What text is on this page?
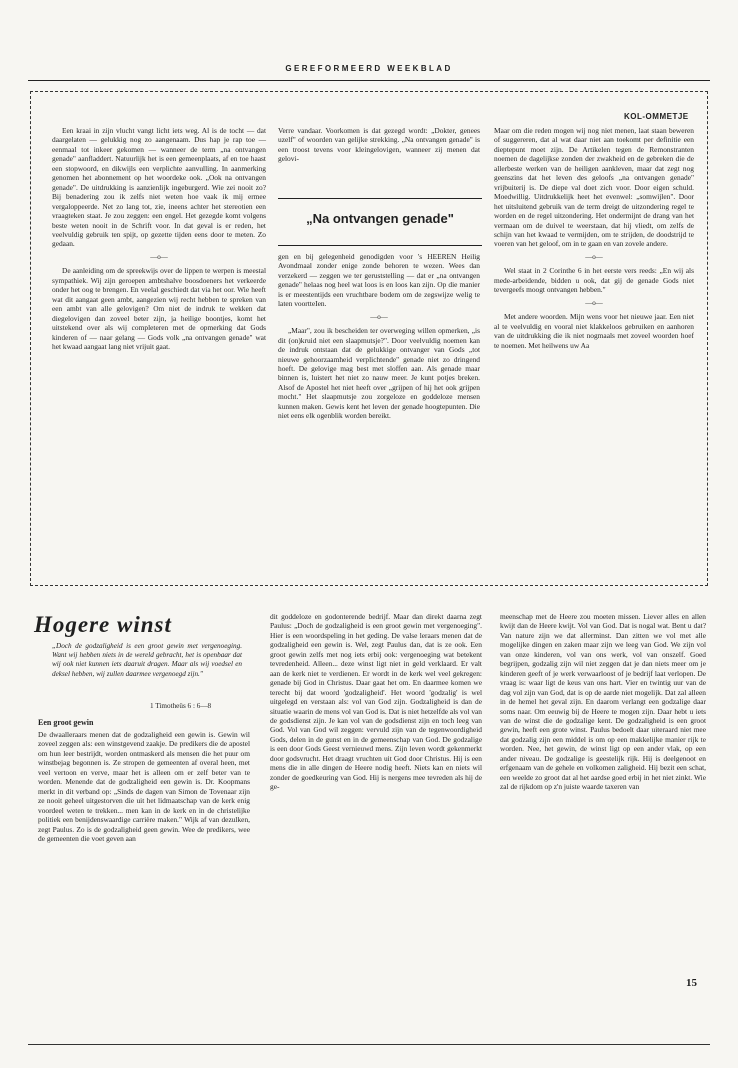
GEREFORMEERD WEEKBLAD
KOL-OMMETJE

Een kraai in zijn vlucht vangt licht iets weg. Al is de tocht — dat daargelaten — gelukkig nog zo aangenaam. Dus hap je rap toe — eenmaal tot inkeer gekomen — wanneer de term „na ontvangen genade" aanfladdert. Natuurlijk het is een gemeenplaats, af en toe haast een stopwoord, en dikwijls een verplichte aanvulling. In aanmerking genomen het abonnement op het woordeke ook. „Ook na ontvangen genade". De uitdrukking is aanzienlijk ingeburgerd. Wie zei nooit zo? Bij benadering zou ik zelfs niet weten hoe vaak ik mij ermee vergaloppeerde. Net zo lang tot, zie, ineens achter het stereotien een vraagteken staat. Je zou zeggen: een engel. Het gezegde komt volgens beste weten nooit in de Schrift voor. In dat geval is er reden, het veelvuldig gebruik ten spijt, op gezette tijden eens door te meten. Zo gedaan.

—o—

De aanleiding om de spreekwijs over de lippen te werpen is meestal sympathiek. Wij zijn geroepen ambtshalve boosdoeners het verkeerde onder het oog te brengen. En veelal geschiedt dat via het oor. Wie heeft wat dit aangaat geen ambt, aangezien wij recht hebben te spreken van een ambt van alle gelovigen? Om niet de indruk te wekken dat diegelovigen dan zoveel beter zijn, ja heilige boontjes, komt het uitstekend over als wij completeren met de opmerking dat Gods kinderen of — naar gelang — Gods volk „na ontvangen genade" wat het kwaad aangaat lang niet vrijuit gaat.

Verre vandaar. Voorkomen is dat gezegd wordt: „Dokter, genees uzelf" of woorden van gelijke strekking. „Na ontvangen genade" is een troost tevens voor kleingelovigen, wanneer zij menen dat gelovi-

„Na ontvangen genade"

gen en bij gelegenheid genodigden voor 's HEEREN Heilig Avondmaal zonder enige zonde behoren te wezen. Wees dan verzekerd — zeggen we ter geruststelling — dat er „na ontvangen genade" helaas nog heel wat loos is en loos kan zijn. Op die manier is er meestentijds een vruchtbare bodem om de zegswijze welig te laten voortteIen.

—o—

„Maar", zou ik bescheiden ter overweging willen opmerken, „is dit (on)kruid niet een slaapmutsje?". Door veelvuldig noemen kan de indruk ontstaan dat de gelukkige ontvanger van Gods „tot nieuwe gehoorzaamheid verplichtende" genade niet zo dringend hoeft. De gelovige mag best met sloffen aan. Als genade maar binnen is, luistert het niet zo nauw meer. Je kunt potjes breken. Alsof de Apostel het niet heeft over „grijpen of hij het ook grijpen mocht." Het slaapmutsje zou zorgeloze en goddeloze mensen kunnen maken. Gewis kent het leven der genade hoogtepunten. Die niet eens elk ogenblik worden bereikt.

Maar om die reden mogen wij nog niet menen, laat staan beweren of suggereren, dat al wat daar niet aan toekomt per definitie een dieptepunt moet zijn. De Artikelen tegen de Remonstranten noemen de dagelijkse zonden der zwakheid en de gebreken die de allerbeste werken van de heiligen aankleven, maar dat zegt nog geenszins dat het leven des geloofs „na ontvangen genade" vrijbuiterij is. De diepe val doet zich voor. Door eigen schuld. Moedwillig. Uitdrukkelijk heet het evenwel: „somwijlen". Door het uitsluitend gebruik van de term dreigt de uitzondering regel te worden en de regel uitzondering. Het ondermijnt de drang van het vermaan om de duivel te weerstaan, dat hij vliedt, om zelfs de schijn van het kwaad te vermijden, om te strijden, de doodstrijd te voeren van het geloof, om in te gaan en van zovele andere.

—o—

Wel staat in 2 Corinthe 6 in het eerste vers reeds: „En wij als mede-arbeidende, bidden u ook, dat gij de genade Gods niet tevergeefs moogt ontvangen hebben."

—o—

Met andere woorden. Mijn wens voor het nieuwe jaar. Een niet al te veelvuldig en vooral niet klakkeloos gebruiken en aanhoren van de uitdrukking die ik niet nogmaals met zoveel woorden hoef te noemen. Met heilwens uw Aa

Hogere winst
„Doch de godzaligheid is een groot gewin met vergenoeging. Want wij hebben niets in de wereld gebracht, het is openbaar dat wij ook niet kunnen iets daaruit dragen. Maar als wij voedsel en deksel hebben, wij zullen daarmee vergenoegd zijn."
1 Timotheüs 6 : 6—8
Een groot gewin

De dwaalleraars menen dat de godzaligheid een gewin is. Gewin wil zoveel zeggen als: een winstgevend zaakje. De predikers die de apostel om hun leer bestrijdt, worden ontmaskerd als mensen die het puur om winstbejag begonnen is. Ze stropen de gemeenten af overal heen, met veel vertoon en verve, maar het is alleen om er zelf beter van te worden. Menende dat de godzaligheid een gewin is. Dr. Koopmans merkt in dit verband op: „Sinds de dagen van Simon de Tovenaar zijn ze nooit geheel uitgestorven die uit het lidmaatschap van de kerk enig voordeel weten te trekken... men kan in de kerk en in de christelijke politiek een benijdenswaardige carrière maken." Wijk af van dezulken, zegt Paulus. Zo is de godzaligheid geen gewin. Wee de predikers, wee de gemeenten die voet geven aan

dit goddeloze en godonterende bedrijf. Maar dan direkt daarna zegt Paulus: „Doch de godzaligheid is een groot gewin met vergenoeging". Hier is een woordspeling in het geding. De valse leraars menen dat de godzaligheid een gewin is. Wel, zegt Paulus dan, dat is ze ook. Een groot gewin zelfs met nog iets erbij ook: vergenoeging wat betekent tevredenheid. Alleen... deze winst ligt niet in geld verklaard. Er valt aan de kerk niet te verdienen. Er wordt in de kerk wel veel gekregen: genade bij God in Christus. Daar gaat het om. En daarmee komen we terecht bij dat woord 'godzaligheid'. Het woord 'godzalig' is wel uitgelegd en verstaan als: vol van God zijn. Godzaligheid is dan de situatie waarin de mens vol van God is. Dat is niet hetzelfde als vol van de godsdienst zijn. Je kan vol van de godsdienst zijn en toch leeg van God. Vol van God wil zeggen: vervuld zijn van de tegenwoordigheid Gods, delen in de gunst en in de gemeenschap van God. De godzalige is een door Gods Geest vernieuwd mens. Zijn leven wordt gekenmerkt door godsvrucht. Het draagt vruchten uit God door Christus. Hij is een mens die in alle dingen de Heere nodig heeft. Niets kan en niets wil zonder de goedkeuring van God. Hij is nergens mee tevreden als hij de ge-

meenschap met de Heere zou moeten missen. Liever alles en allen kwijt dan de Heere kwijt. Vol van God. Dat is nogal wat. Bent u dat? Van nature zijn we dat allerminst. Dan zitten we vol met alle mogelijke dingen en zaken maar zijn we leeg van God. We zijn vol van onze kinderen, vol van ons werk, vol van onszelf. Goed begrijpen, godzalig zijn wil niet zeggen dat je dan niets meer om je kinderen geeft of je werk verwaarloost of je bedrijf laat verlopen. De vraag is: waar ligt de keus van ons hart. Vier en twintig uur van de dag vol zijn van God, dat is op de aarde niet mogelijk. Dat zal alleen in de hemel het geval zijn. En daarom verlangt een godzalige daar soms naar. Om eeuwig bij de Heere te mogen zijn. Daar hebt u iets van de winst die de godzalige kent. De godzaligheid is een groot gewin, heeft een grote winst. Paulus bedoelt daar uiteraard niet mee dat godzalig zijn een middel is om op een makkelijke manier rijk te worden. Nee, het gewin, de winst ligt op een ander vlak, op een ander niveau. De godzalige is geestelijk rijk. Hij is deelgenoot en erfgenaam van de gehele en volkomen zaligheid. Hij bezit een schat, een weelde zo groot dat al het aardse goed erbij in het niet zinkt. Wie zal de rijkdom op z'n juiste waarde taxeren van

15
